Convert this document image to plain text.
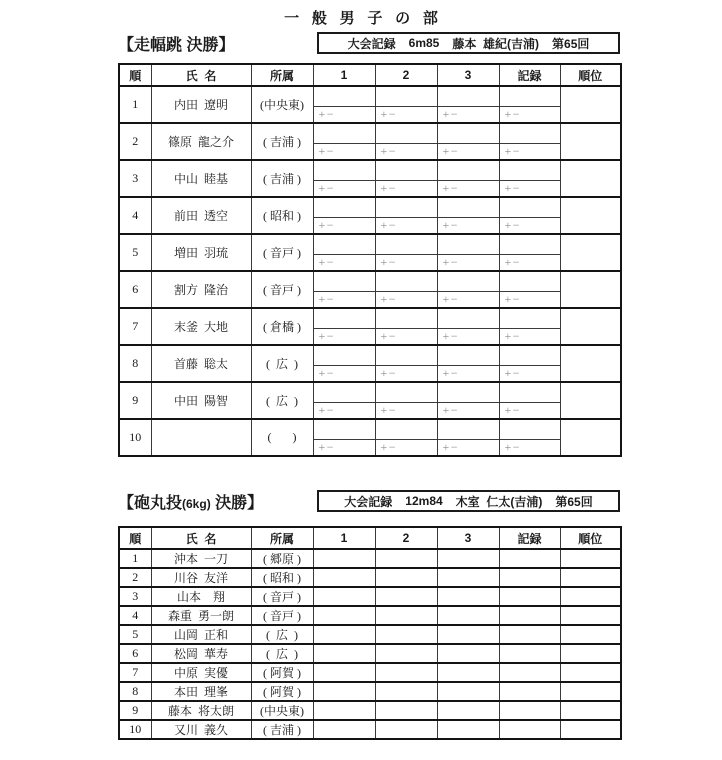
一般男子の部
【走幅跳 決勝】	大会記録 6m85 藤本  雄紀(吉浦) 第65回
順	氏  名	所属	1	2	3	記録	順位
1	内田  遼明	(中央東)					
			+−	+−	+−	+−	
2	篠原  龍之介	( 吉浦 )					
			+−	+−	+−	+−	
3	中山  睦基	( 吉浦 )					
			+−	+−	+−	+−	
4	前田  透空	( 昭和 )					
			+−	+−	+−	+−	
5	増田  羽琉	( 音戸 )					
			+−	+−	+−	+−	
6	割方  隆治	( 音戸 )					
			+−	+−	+−	+−	
7	末釜  大地	( 倉橋 )					
			+−	+−	+−	+−	
8	首藤  聡太	(  広  )					
			+−	+−	+−	+−	
9	中田  陽智	(  広  )					
			+−	+−	+−	+−	
10		(       )					
			+−	+−	+−	+−	
【砲丸投(6kg) 決勝】	大会記録 12m84 木室  仁太(吉浦) 第65回
順	氏  名	所属	1	2	3	記録	順位
1	沖本  一刀	( 郷原 )					
2	川谷  友洋	( 昭和 )					
3	山本    翔	( 音戸 )					
4	森重  勇一朗	( 音戸 )					
5	山岡  正和	(  広  )					
6	松岡  華寿	(  広  )					
7	中原  実優	( 阿賀 )					
8	本田  理峯	( 阿賀 )					
9	藤本  将太朗	(中央東)					
10	又川  義久	( 吉浦 )					
